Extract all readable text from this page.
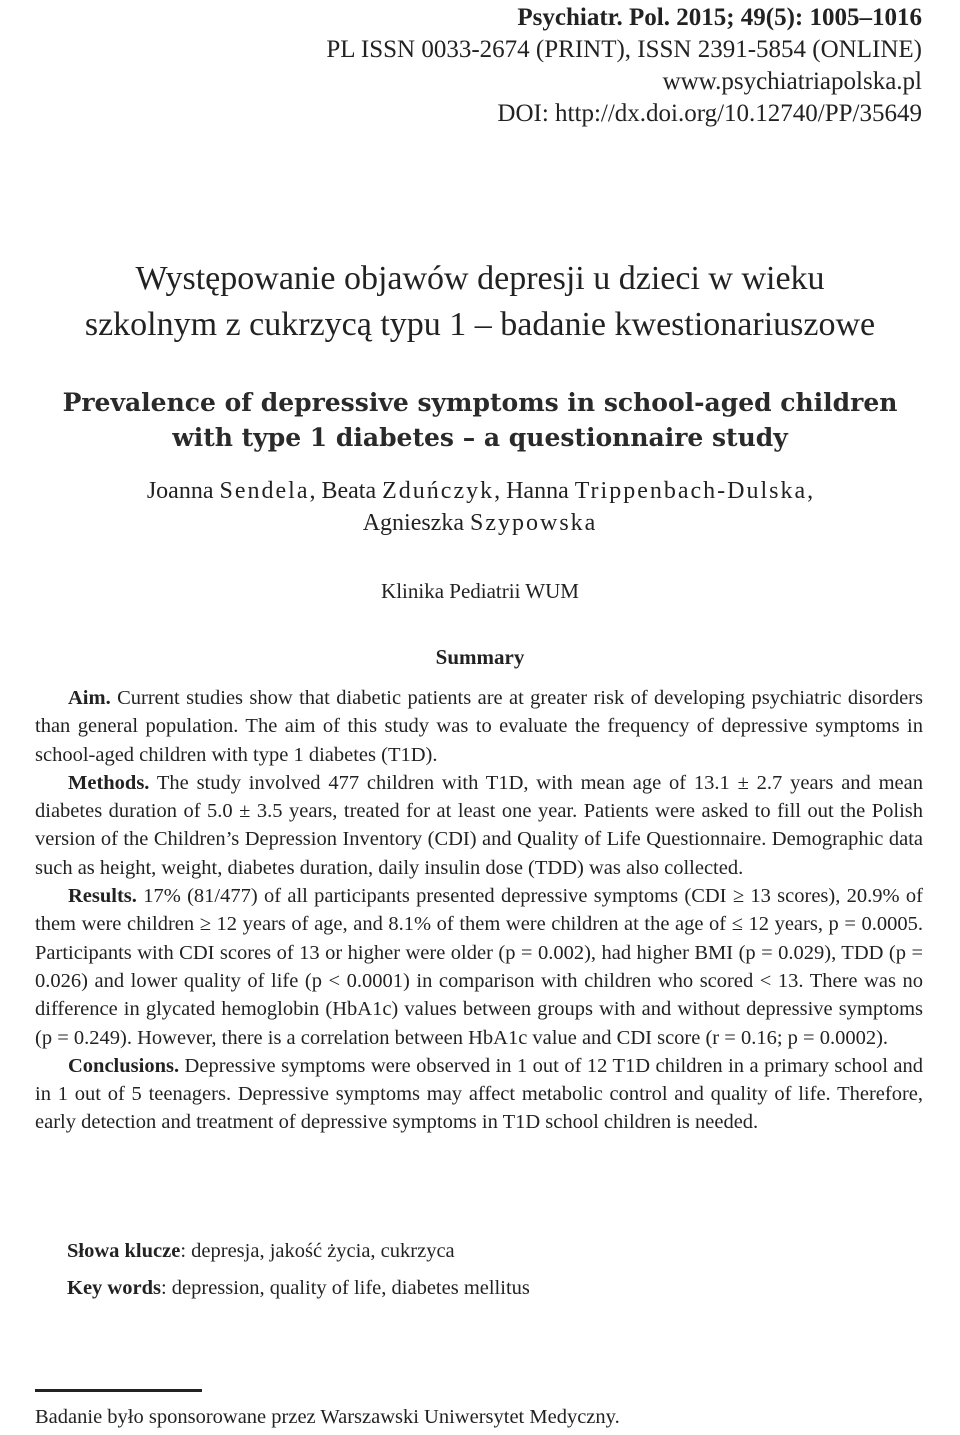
Psychiatr. Pol. 2015; 49(5): 1005–1016
PL ISSN 0033-2674 (PRINT), ISSN 2391-5854 (ONLINE)
www.psychiatriapolska.pl
DOI: http://dx.doi.org/10.12740/PP/35649
Występowanie objawów depresji u dzieci w wieku
szkolnym z cukrzycą typu 1 – badanie kwestionariuszowe
Prevalence of depressive symptoms in school-aged children
with type 1 diabetes – a questionnaire study
Joanna Sendela, Beata Zduńczyk, Hanna Trippenbach-Dulska,
Agnieszka Szypowska
Klinika Pediatrii WUM
Summary

Aim. Current studies show that diabetic patients are at greater risk of developing psychiatric disorders than general population. The aim of this study was to evaluate the frequency of depressive symptoms in school-aged children with type 1 diabetes (T1D).

Methods. The study involved 477 children with T1D, with mean age of 13.1 ± 2.7 years and mean diabetes duration of 5.0 ± 3.5 years, treated for at least one year. Patients were asked to fill out the Polish version of the Children’s Depression Inventory (CDI) and Quality of Life Questionnaire. Demographic data such as height, weight, diabetes duration, daily insulin dose (TDD) was also collected.

Results. 17% (81/477) of all participants presented depressive symptoms (CDI ≥ 13 scores), 20.9% of them were children ≥ 12 years of age, and 8.1% of them were children at the age of ≤ 12 years, p = 0.0005. Participants with CDI scores of 13 or higher were older (p = 0.002), had higher BMI (p = 0.029), TDD (p = 0.026) and lower quality of life (p < 0.0001) in comparison with children who scored < 13. There was no difference in glycated hemoglobin (HbA1c) values between groups with and without depressive symptoms (p = 0.249). However, there is a correlation between HbA1c value and CDI score (r = 0.16; p = 0.0002).

Conclusions. Depressive symptoms were observed in 1 out of 12 T1D children in a primary school and in 1 out of 5 teenagers. Depressive symptoms may affect metabolic control and quality of life. Therefore, early detection and treatment of depressive symptoms in T1D school children is needed.

Słowa klucze: depresja, jakość życia, cukrzyca
Key words: depression, quality of life, diabetes mellitus
Badanie było sponsorowane przez Warszawski Uniwersytet Medyczny.
